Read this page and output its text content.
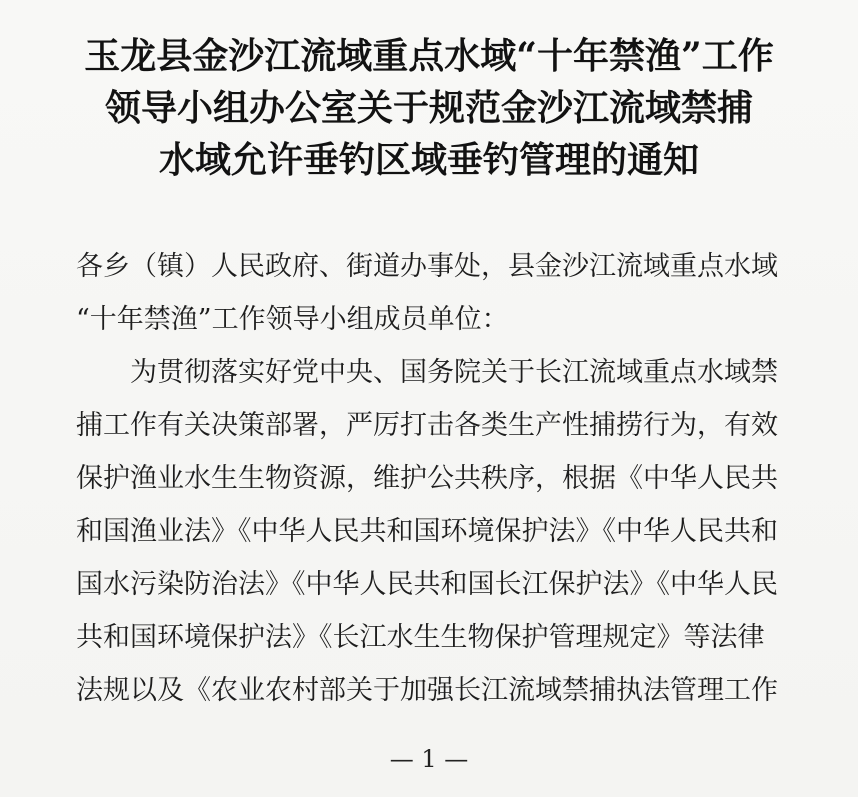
玉龙县金沙江流域重点水域“十年禁渔”工作
领导小组办公室关于规范金沙江流域禁捕
水域允许垂钓区域垂钓管理的通知
各乡（镇）人民政府、街道办事处，县金沙江流域重点水域
“十年禁渔”工作领导小组成员单位：
为贯彻落实好党中央、国务院关于长江流域重点水域禁
捕工作有关决策部署，严厉打击各类生产性捕捞行为，有效
保护渔业水生生物资源，维护公共秩序，根据《中华人民共
和国渔业法》《中华人民共和国环境保护法》《中华人民共和
国水污染防治法》《中华人民共和国长江保护法》《中华人民
共和国环境保护法》《长江水生生物保护管理规定》等法律
法规以及《农业农村部关于加强长江流域禁捕执法管理工作
— 1 —
